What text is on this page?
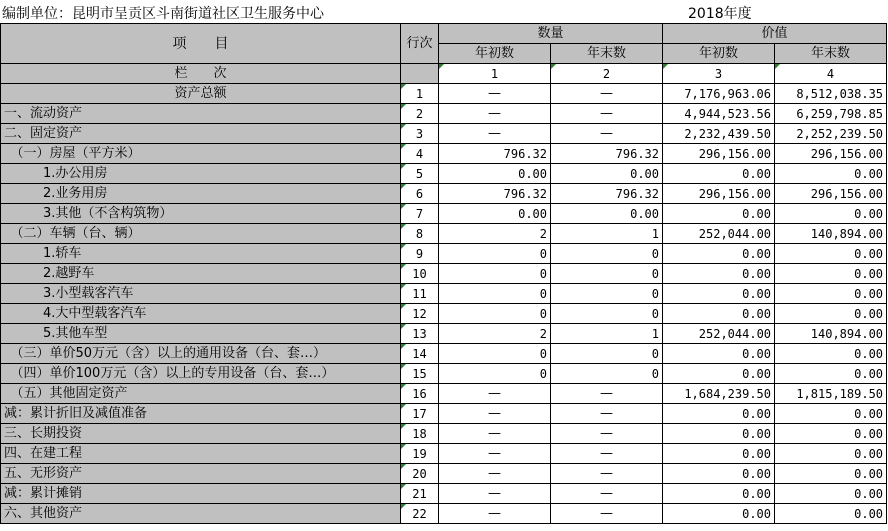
编制单位：昆明市呈贡区斗南街道社区卫生服务中心	2018年度
项　　目	行次	数量		价值	
		年初数	年末数	年初数	年末数
栏　　次		1	2	3	4
资产总额	1	—	—	7,176,963.06	8,512,038.35
一、流动资产	2	—	—	4,944,523.56	6,259,798.85
二、固定资产	3	—	—	2,232,439.50	2,252,239.50
　（一）房屋（平方米）	4	796.32	796.32	296,156.00	296,156.00
　　　1.办公用房	5	0.00	0.00	0.00	0.00
　　　2.业务用房	6	796.32	796.32	296,156.00	296,156.00
　　　3.其他（不含构筑物）	7	0.00	0.00	0.00	0.00
　（二）车辆（台、辆）	8	2	1	252,044.00	140,894.00
　　　1.轿车	9	0	0	0.00	0.00
　　　2.越野车	10	0	0	0.00	0.00
　　　3.小型载客汽车	11	0	0	0.00	0.00
　　　4.大中型载客汽车	12	0	0	0.00	0.00
　　　5.其他车型	13	2	1	252,044.00	140,894.00
　（三）单价50万元（含）以上的通用设备（台、套…）	14	0	0	0.00	0.00
　（四）单价100万元（含）以上的专用设备（台、套…）	15	0	0	0.00	0.00
　（五）其他固定资产	16	—	—	1,684,239.50	1,815,189.50
减：累计折旧及减值准备	17	—	—	0.00	0.00
三、长期投资	18	—	—	0.00	0.00
四、在建工程	19	—	—	0.00	0.00
五、无形资产	20	—	—	0.00	0.00
减：累计摊销	21	—	—	0.00	0.00
六、其他资产	22	—	—	0.00	0.00
